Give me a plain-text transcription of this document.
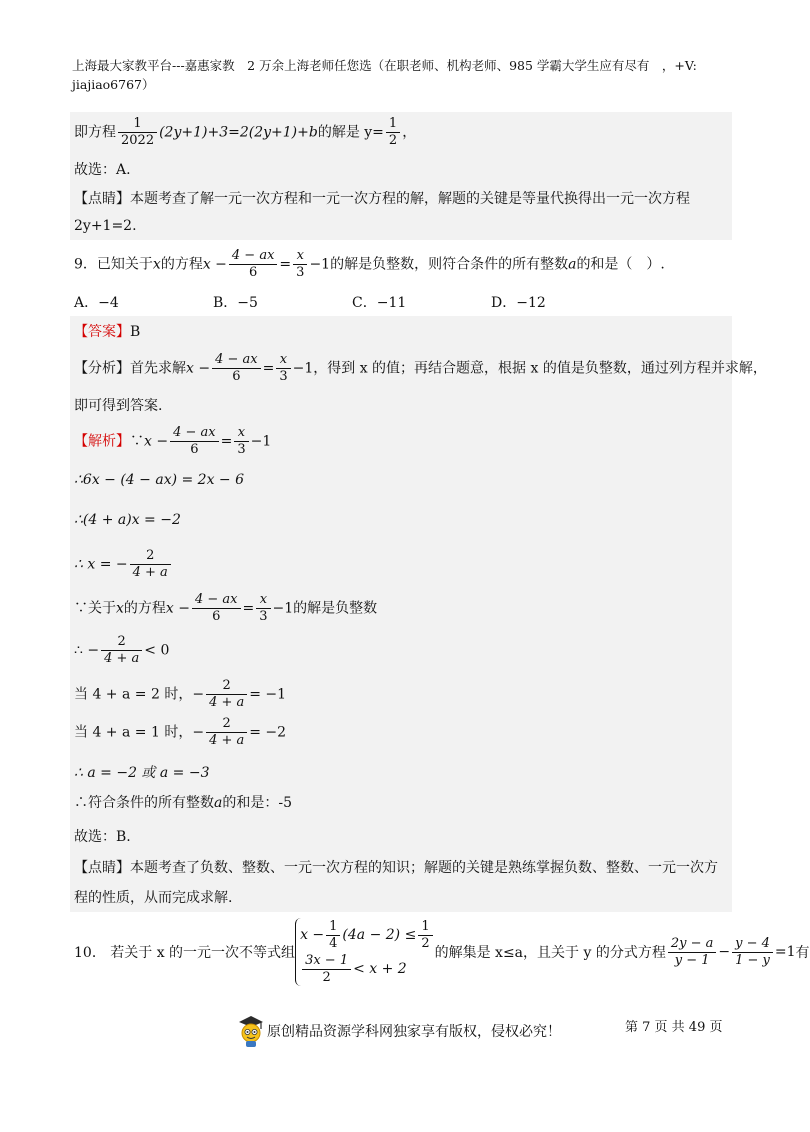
上海最大家教平台---嘉惠家教　2 万余上海老师任您选（在职老师、机构老师、985 学霸大学生应有尽有　，+V:
jiajiao6767）
即方程 $\frac{1}{2022} (2y+1)+3=2(2y+1)+b$的解是 $y= \frac{1}{2}$ ，
故选：A.
【点睛】本题考查了解一元一次方程和一元一次方程的解，解题的关键是等量代换得出一元一次方程
2y+1=2.
9．已知关于x的方程$x - \frac{4 - ax}{6} = \frac{x}{3} -1$的解是负整数，则符合条件的所有整数a的和是（　）.
A．−4	B．−5	C．−11	D．−12
【答案】B
【分析】首先求解$x - \frac{4 - ax}{6} = \frac{x}{3} -1$，得到 x 的值；再结合题意，根据 x 的值是负整数，通过列方程并求解，
即可得到答案.
【解析】∵x − $\frac{4 - ax}{6} = \frac{x}{3} -1$
∴6x − (4 − ax) = 2x − 6
∴(4 + a)x = −2
∴ x = − $\frac{2}{4 + a}$
∵关于x的方程$x - \frac{4 - ax}{6} = \frac{x}{3} -1$的解是负整数
∴ − $\frac{2}{4 + a} < 0$
当 4 + a = 2 时，− $\frac{2}{4 + a} = -1$
当 4 + a = 1 时，− $\frac{2}{4 + a} = -2$
∴ a = −2 或 a = −3
∴符合条件的所有整数a的和是：-5
故选：B.
【点睛】本题考查了负数、整数、一元一次方程的知识；解题的关键是熟练掌握负数、整数、一元一次方
程的性质，从而完成求解.
10． 若关于 x 的一元一次不等式组
$x - \frac{1}{4} (4a - 2) \le \frac{1}{2}$
$\frac{3x - 1}{2} < x + 2$
的解集是 x≤a，且关于 y 的分式方程 $\frac{2y - a}{y - 1} - \frac{y - 4}{1 - y} =1$ 有
原创精品资源学科网独家享有版权，侵权必究！	第 7 页 共 49 页
